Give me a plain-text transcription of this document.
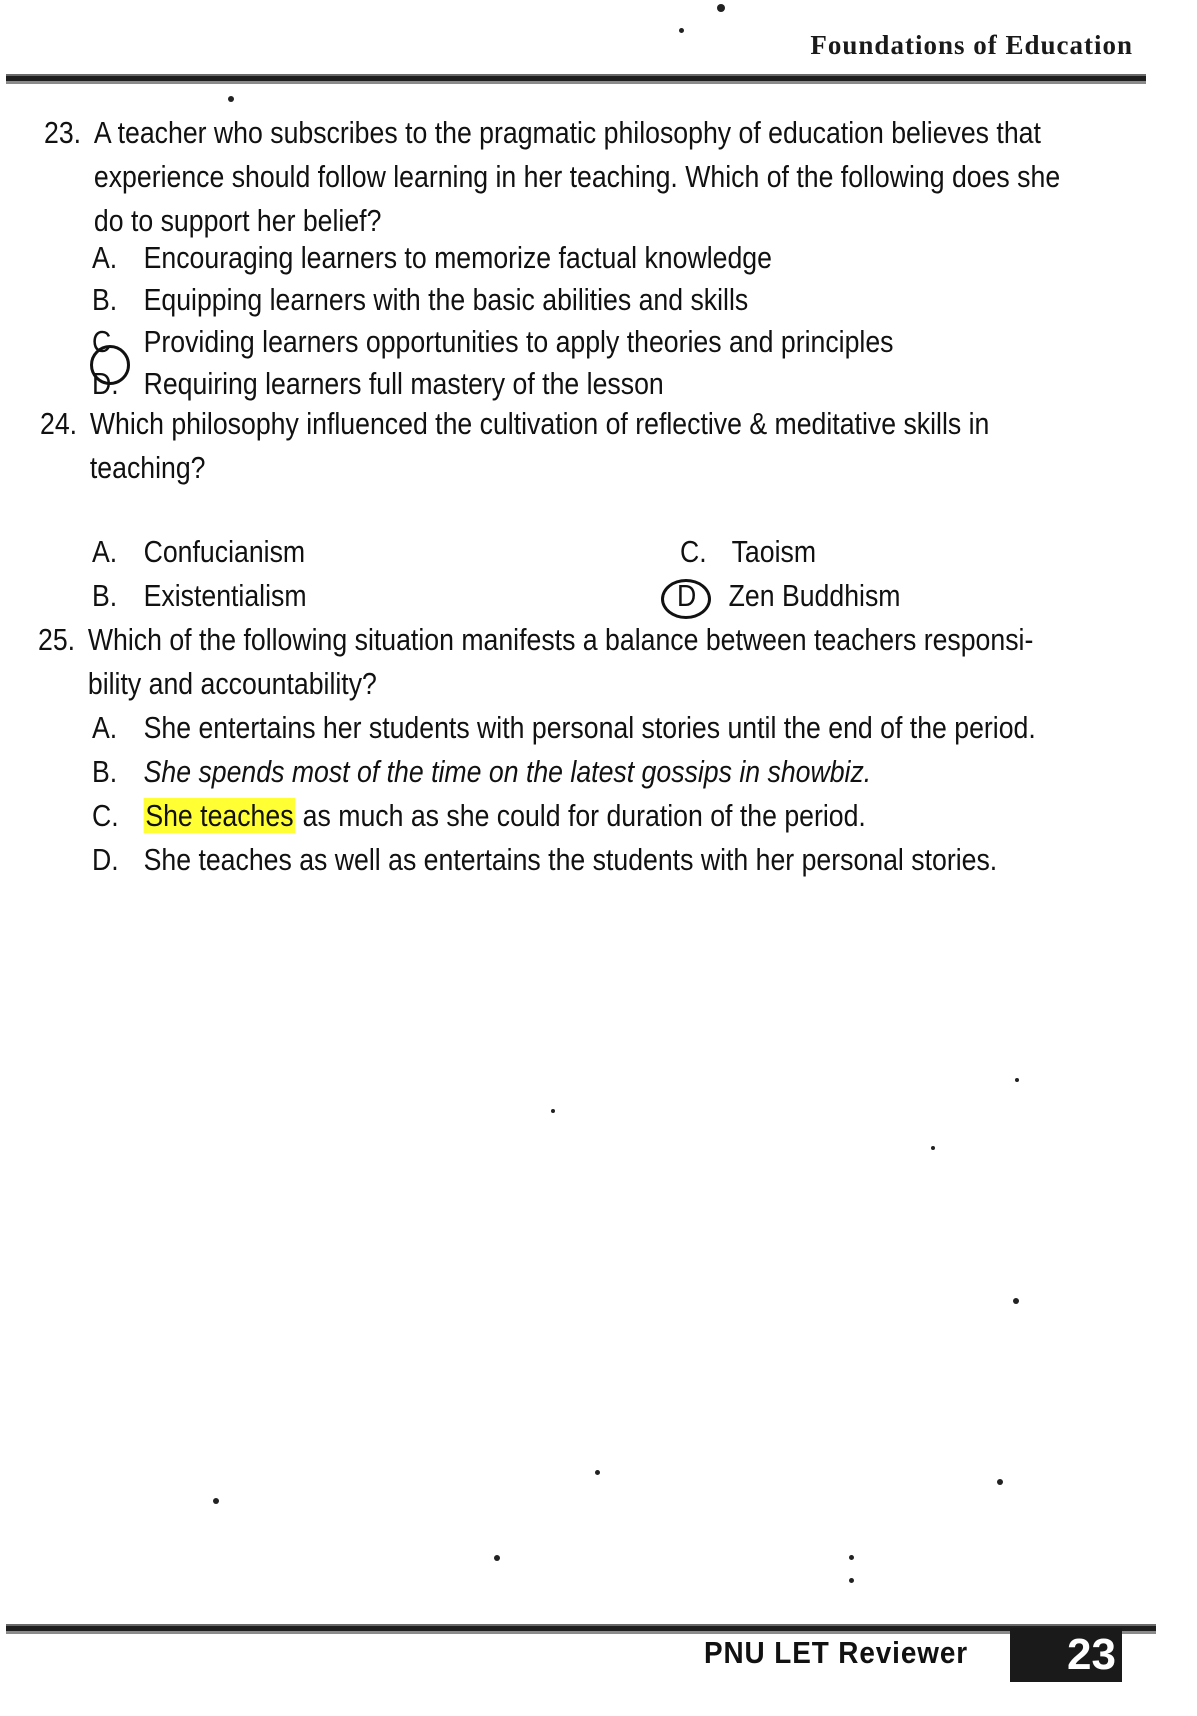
Foundations of Education
23. A teacher who subscribes to the pragmatic philosophy of education believes that
experience should follow learning in her teaching. Which of the following does she
do to support her belief?
A. Encouraging learners to memorize factual knowledge
B. Equipping learners with the basic abilities and skills
C Providing learners opportunities to apply theories and principles
D. Requiring learners full mastery of the lesson
24. Which philosophy influenced the cultivation of reflective & meditative skills in
teaching?
A. Confucianism
B. Existentialism
C. Taoism
D Zen Buddhism
25. Which of the following situation manifests a balance between teachers responsi-
bility and accountability?
A. She entertains her students with personal stories until the end of the period.
B. She spends most of the time on the latest gossips in showbiz.
C. She teaches as much as she could for duration of the period.
D. She teaches as well as entertains the students with her personal stories.
PNU LET Reviewer	23
